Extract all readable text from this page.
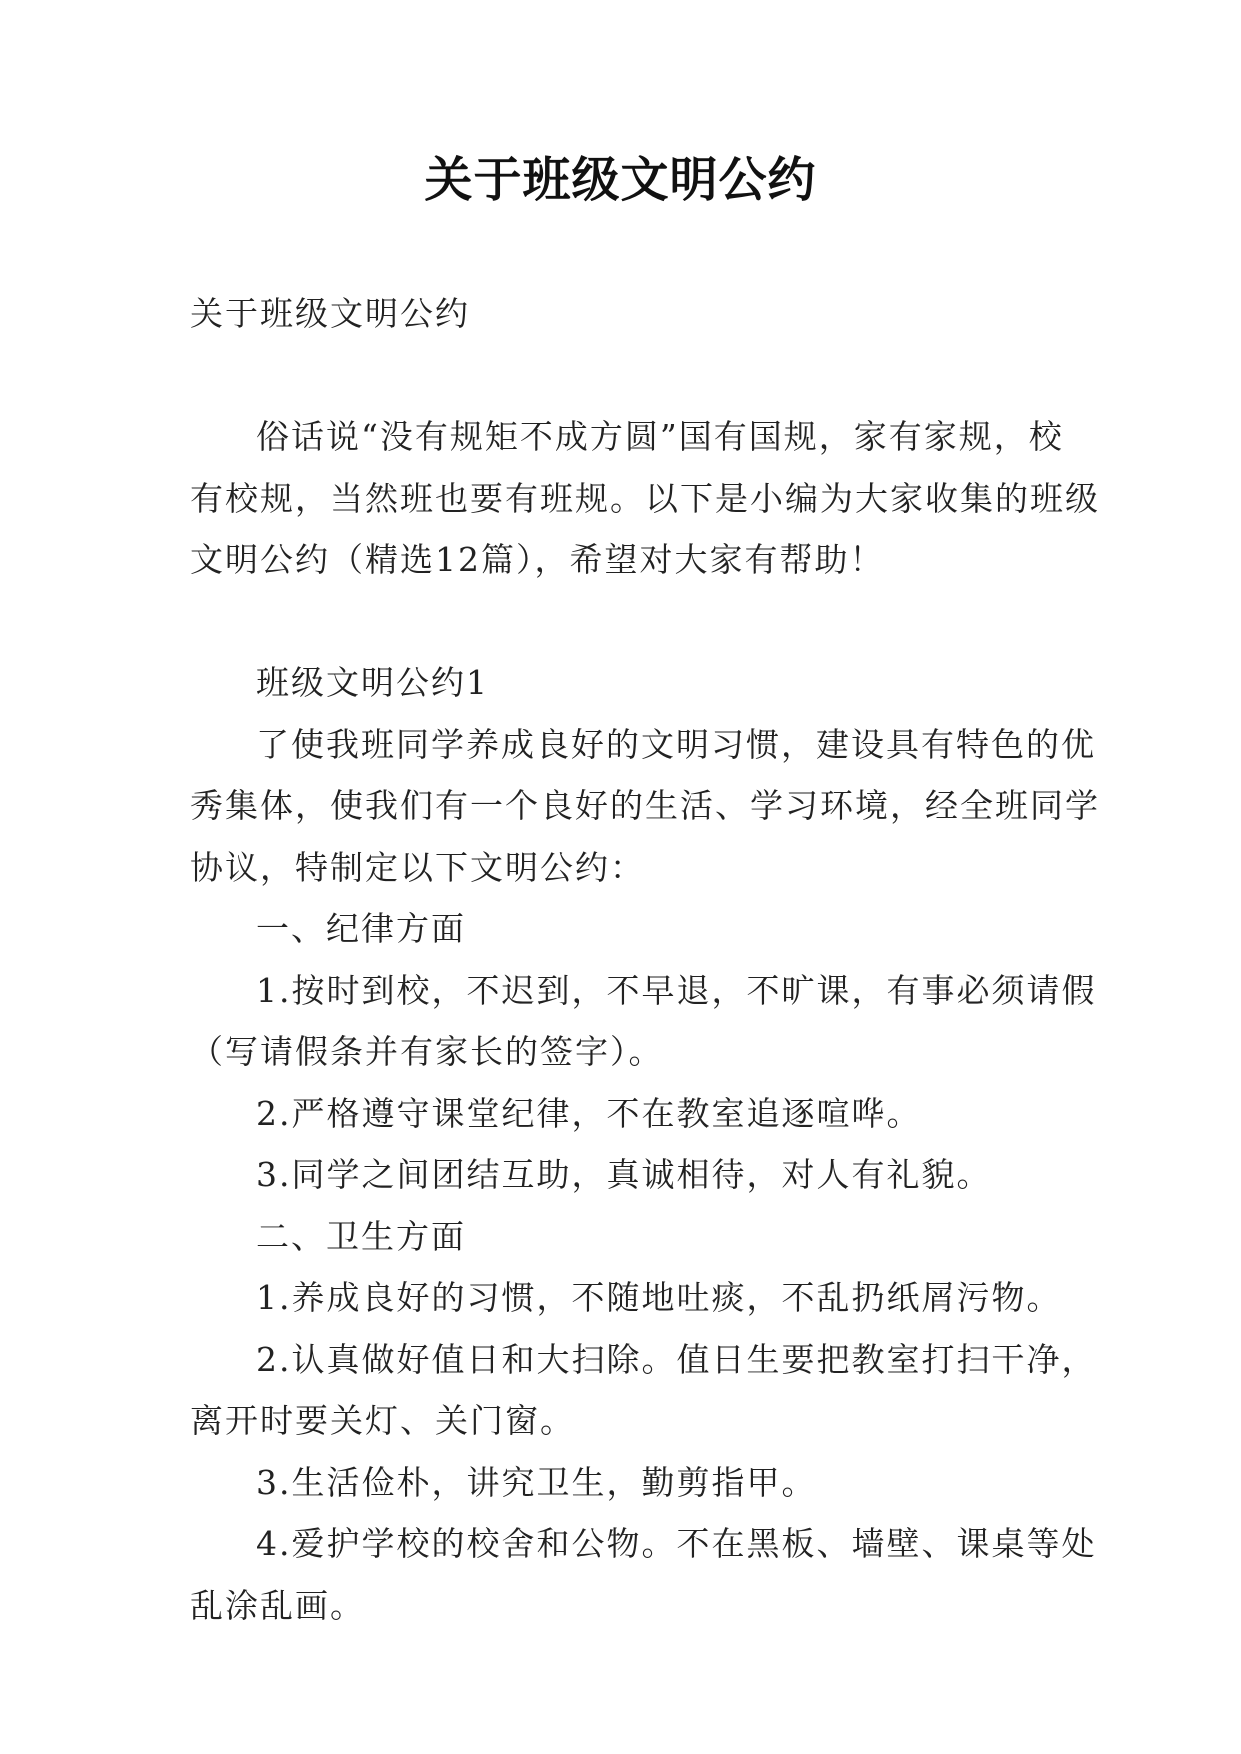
关于班级文明公约
关于班级文明公约
俗话说“没有规矩不成方圆”国有国规，家有家规，校
有校规，当然班也要有班规。以下是小编为大家收集的班级
文明公约（精选12篇），希望对大家有帮助！
班级文明公约1
了使我班同学养成良好的文明习惯，建设具有特色的优
秀集体，使我们有一个良好的生活、学习环境，经全班同学
协议，特制定以下文明公约：
一、纪律方面
1.按时到校，不迟到，不早退，不旷课，有事必须请假
（写请假条并有家长的签字）。
2.严格遵守课堂纪律，不在教室追逐喧哗。
3.同学之间团结互助，真诚相待，对人有礼貌。
二、卫生方面
1.养成良好的习惯，不随地吐痰，不乱扔纸屑污物。
2.认真做好值日和大扫除。值日生要把教室打扫干净，
离开时要关灯、关门窗。
3.生活俭朴，讲究卫生，勤剪指甲。
4.爱护学校的校舍和公物。不在黑板、墙壁、课桌等处
乱涂乱画。
